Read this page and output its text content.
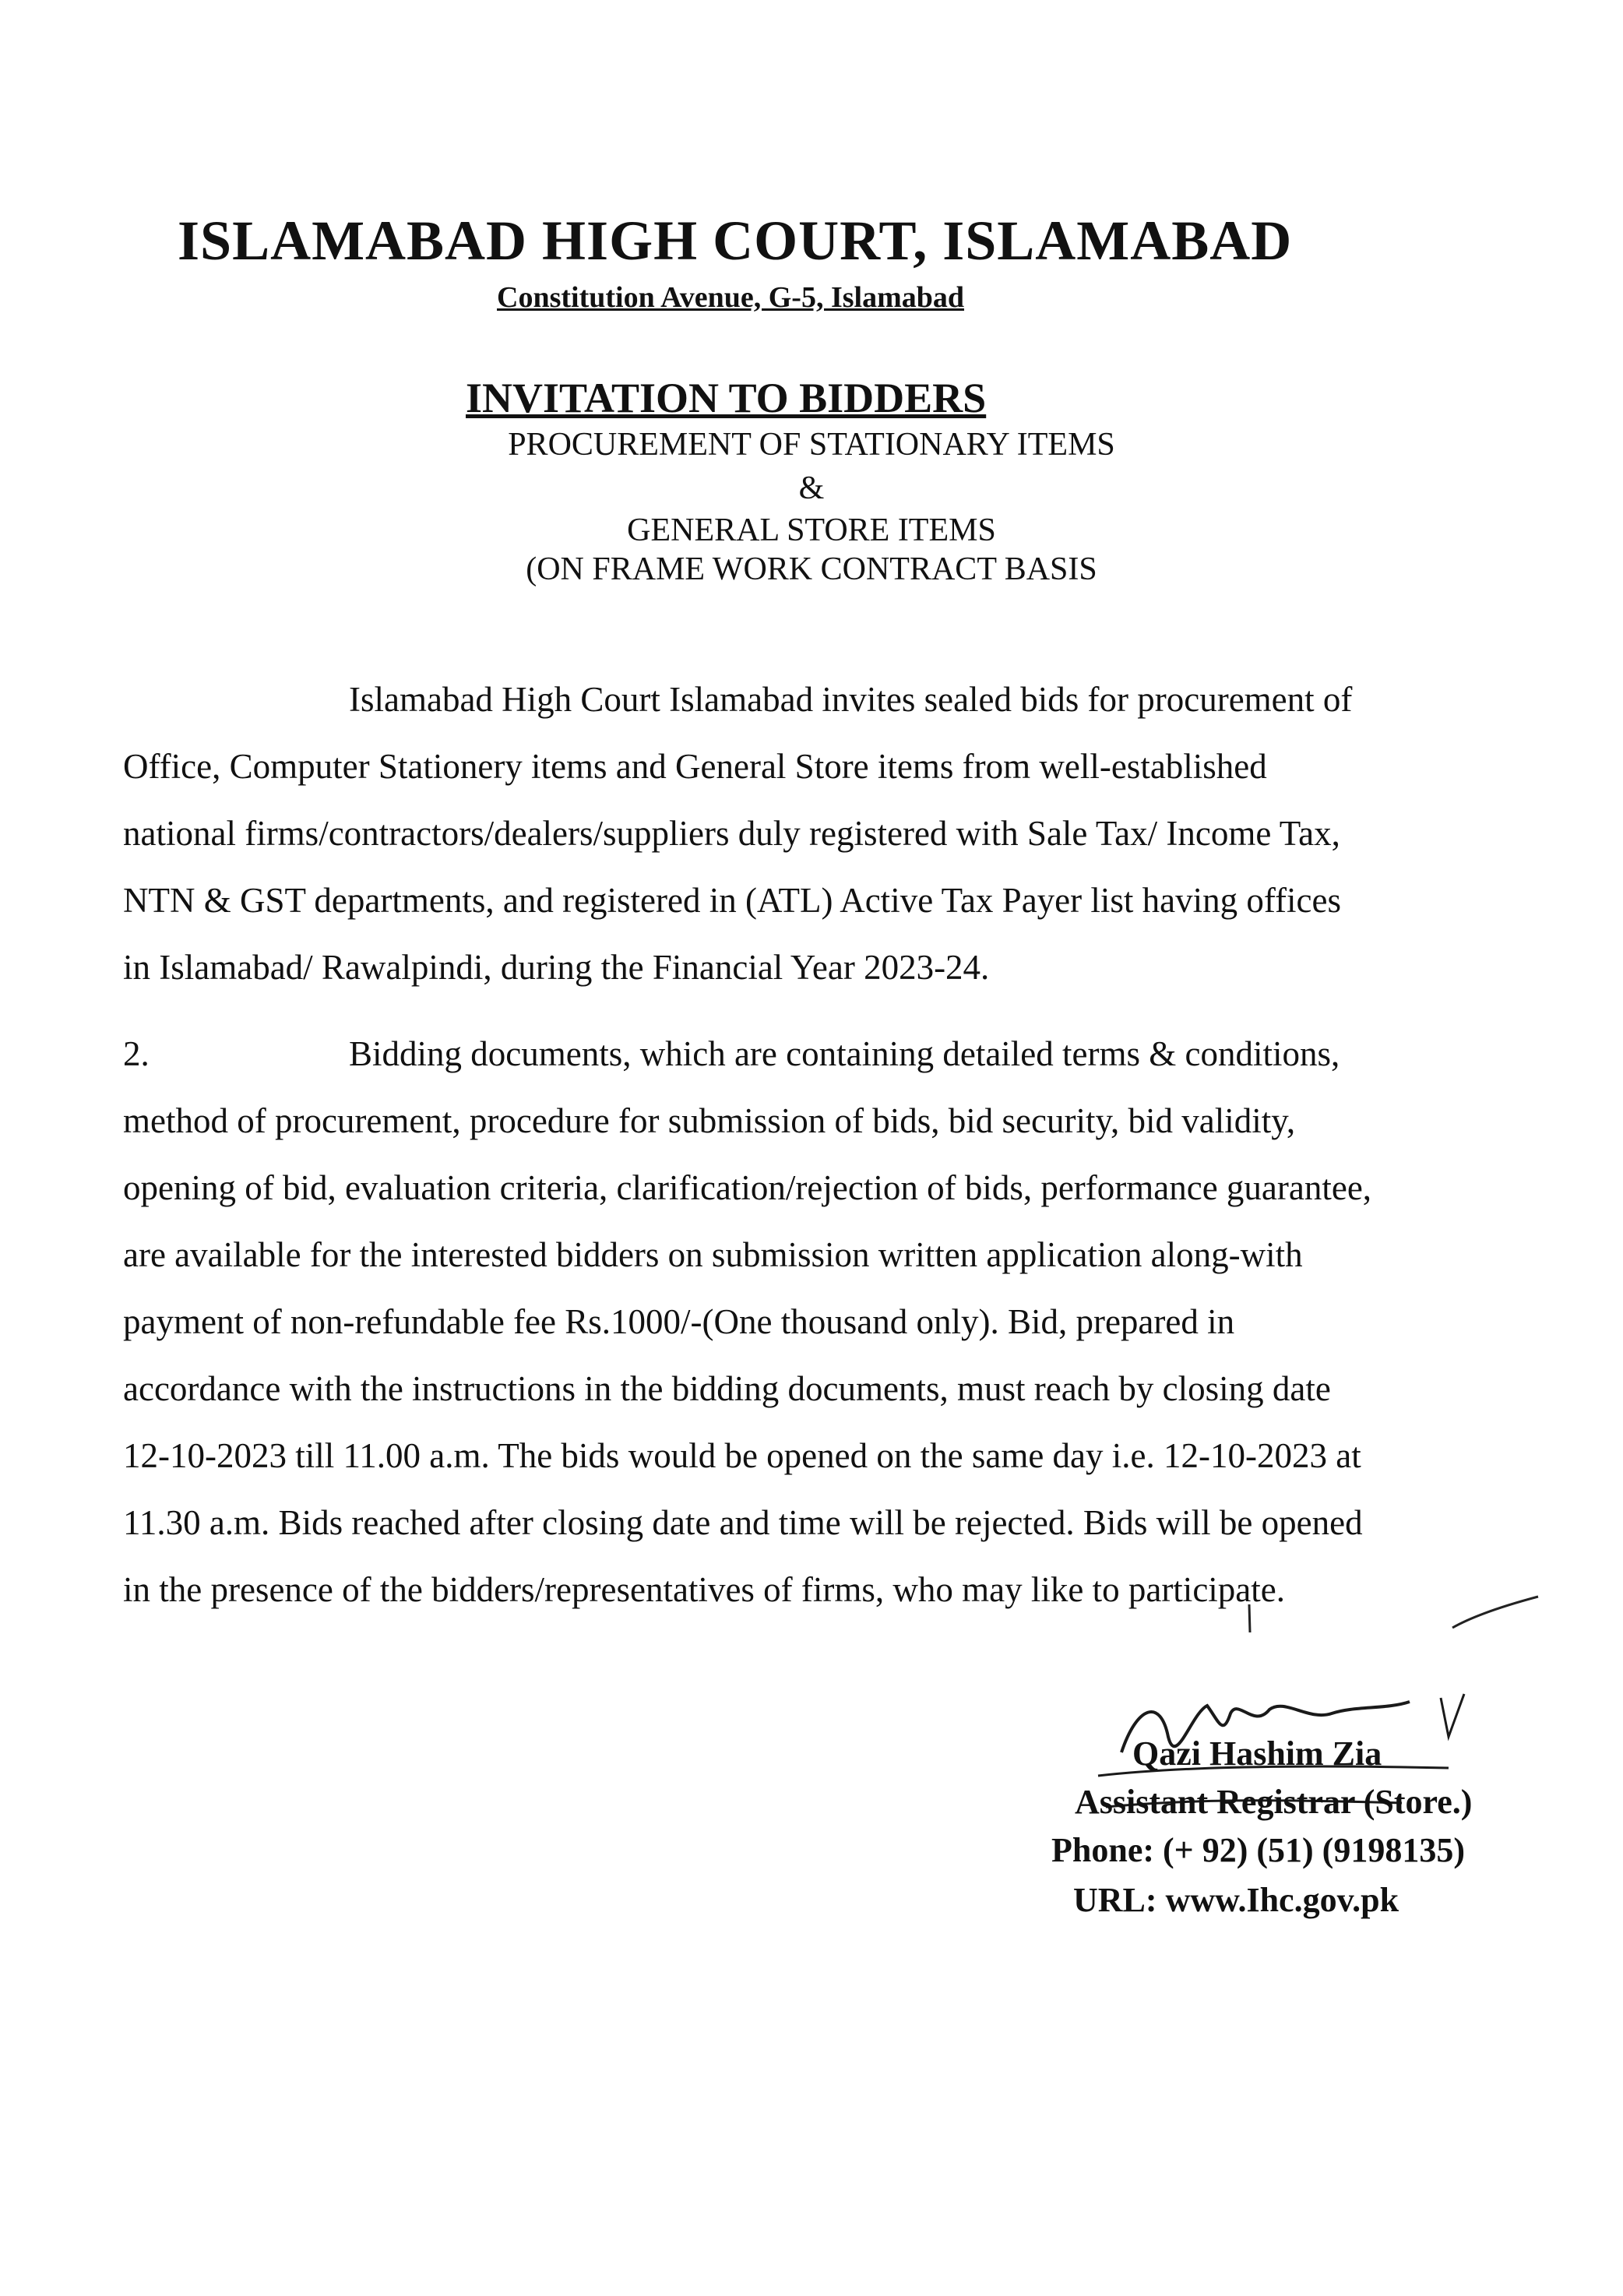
ISLAMABAD HIGH COURT, ISLAMABAD
Constitution Avenue, G-5, Islamabad
INVITATION TO BIDDERS
PROCUREMENT OF STATIONARY ITEMS
&
GENERAL STORE ITEMS
(ON FRAME WORK CONTRACT BASIS
Islamabad High Court Islamabad invites sealed bids for procurement of
Office, Computer Stationery items and General Store items from well-established
national firms/contractors/dealers/suppliers duly registered with Sale Tax/ Income Tax,
NTN & GST departments, and registered in (ATL) Active Tax Payer list having offices
in Islamabad/ Rawalpindi, during the Financial Year 2023-24.
2.	Bidding documents, which are containing detailed terms & conditions,
method of procurement, procedure for submission of bids, bid security, bid validity,
opening of bid, evaluation criteria, clarification/rejection of bids, performance guarantee,
are available for the interested bidders on submission written application along-with
payment of non-refundable fee Rs.1000/-(One thousand only). Bid, prepared in
accordance with the instructions in the bidding documents, must reach by closing date
12-10-2023 till 11.00 a.m. The bids would be opened on the same day i.e. 12-10-2023 at
11.30 a.m. Bids reached after closing date and time will be rejected. Bids will be opened
in the presence of the bidders/representatives of firms, who may like to participate.
Qazi Hashim Zia
Assistant Registrar (Store.)
Phone: (+ 92) (51) (9198135)
URL: www.Ihc.gov.pk
